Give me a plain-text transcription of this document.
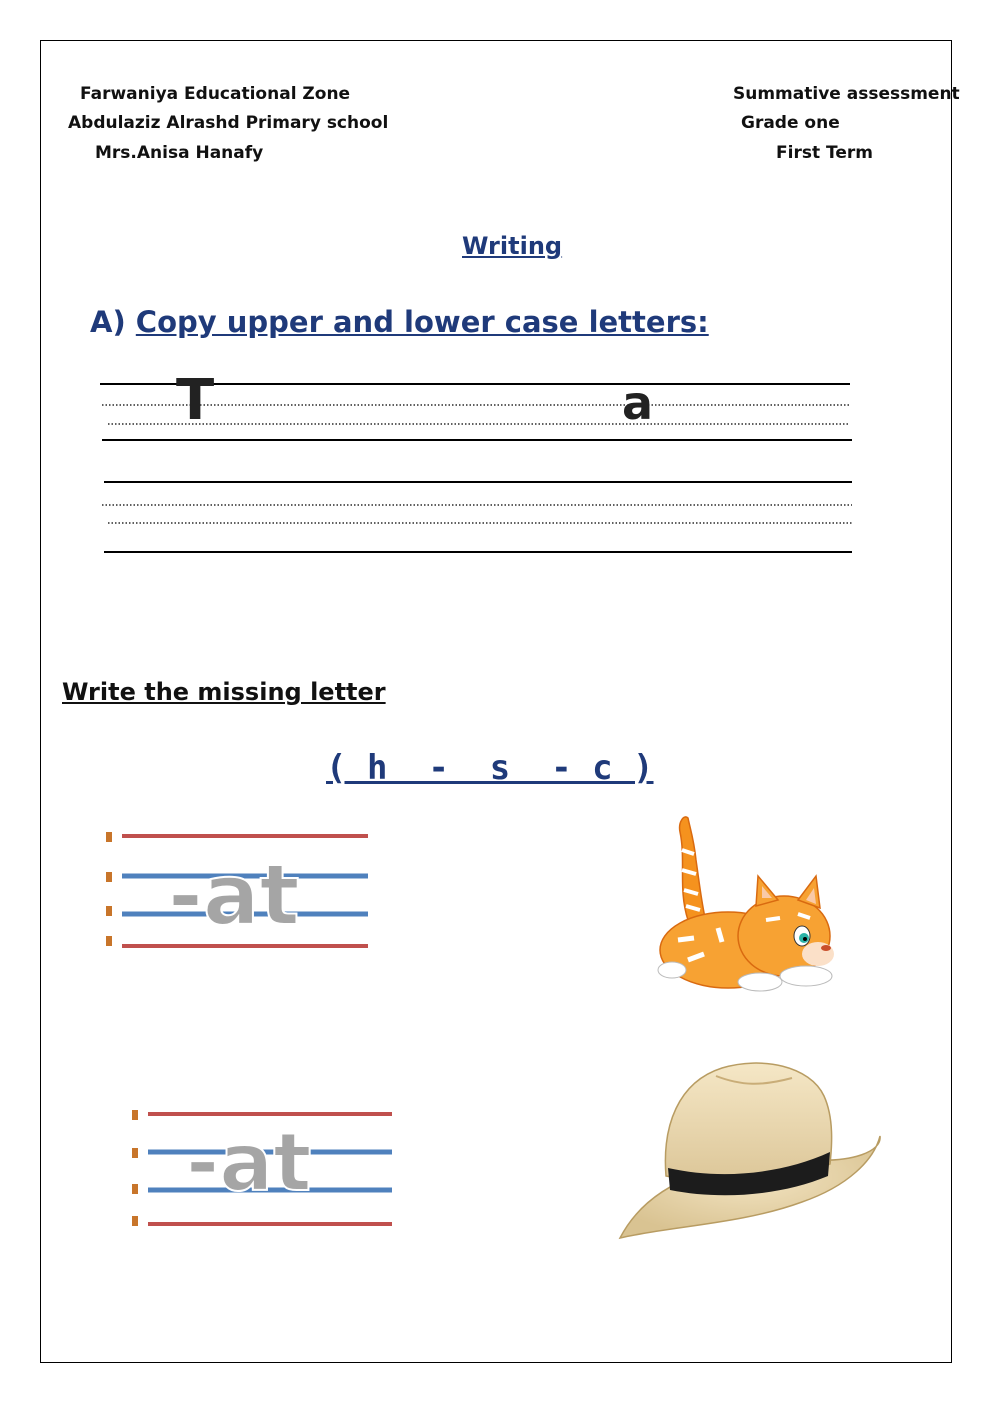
Farwaniya Educational Zone
Abdulaziz Alrashd Primary school
Mrs.Anisa Hanafy
Summative assessment
Grade one
First Term
Writing
A) Copy upper and lower case letters:
T	a
Write the missing letter
( h  -  s  - c )
-at
-at
